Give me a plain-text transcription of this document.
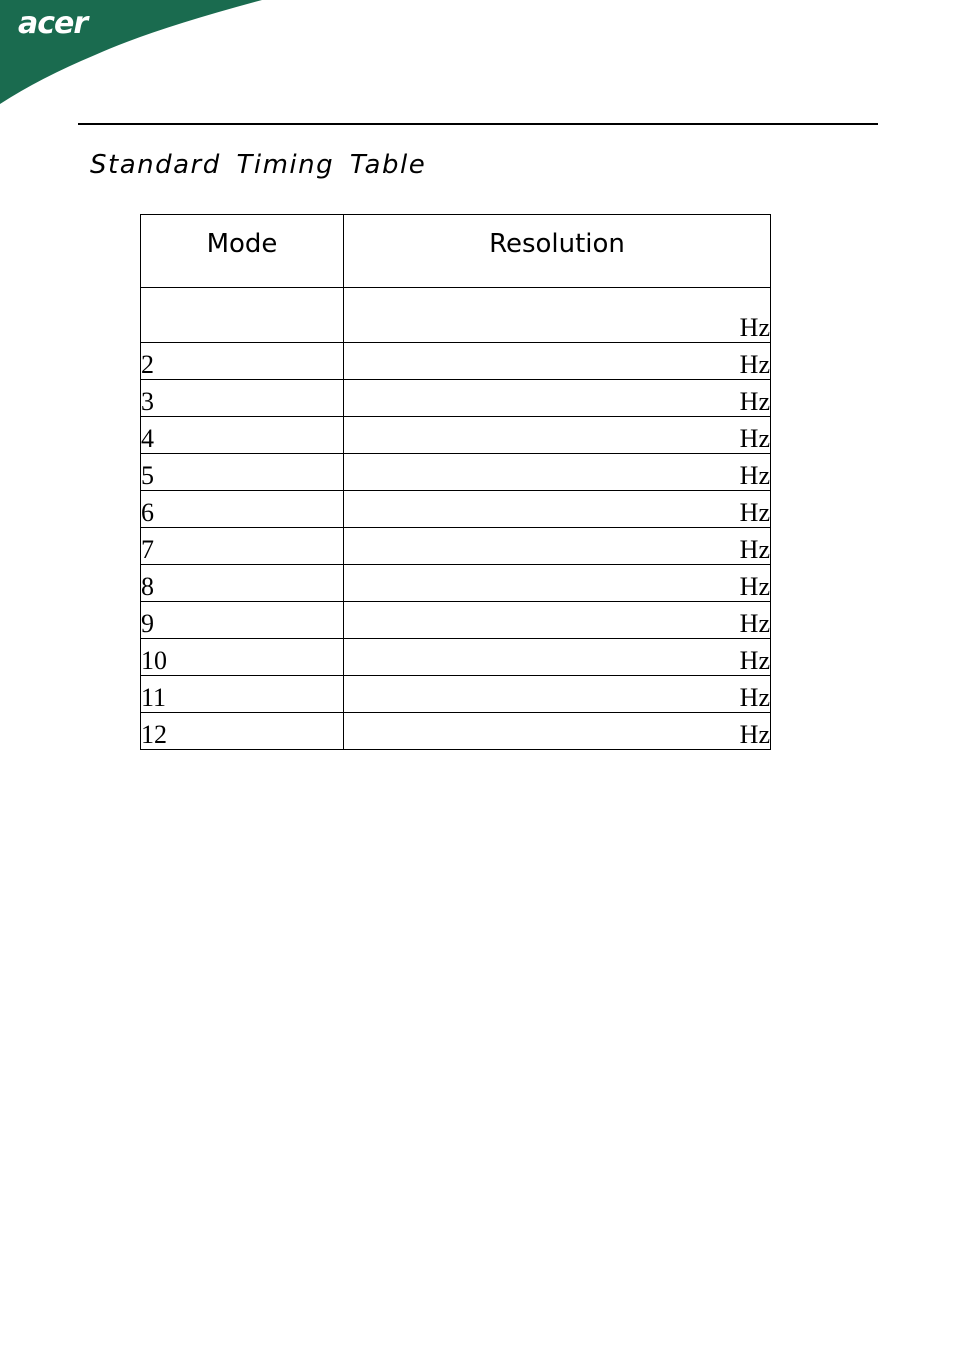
acer
Standard Timing Table
Mode	Resolution
	Hz
2	Hz
3	Hz
4	Hz
5	Hz
6	Hz
7	Hz
8	Hz
9	Hz
10	Hz
11	Hz
12	Hz
